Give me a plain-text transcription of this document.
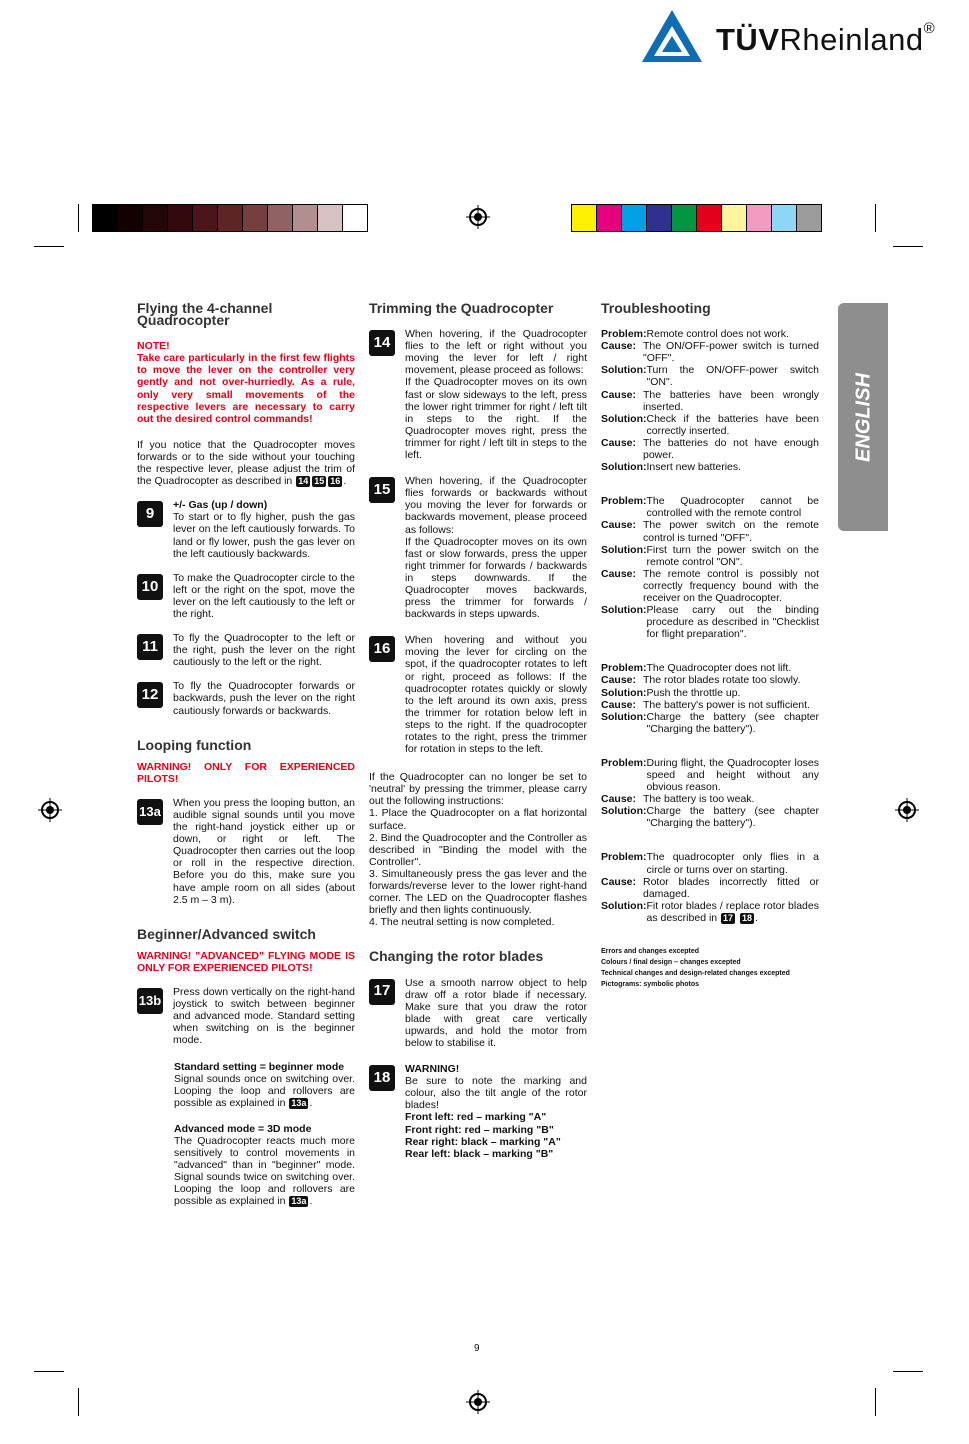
TÜVRheinland®
Flying the 4-channel Quadrocopter
NOTE!
Take care particularly in the first few flights to move the lever on the controller very gently and not over-hurriedly. As a rule, only very small movements of the respective levers are necessary to carry out the desired control commands!
If you notice that the Quadrocopter moves forwards or to the side without your touching the respective lever, please adjust the trim of the Quadrocopter as described in 14 15 16 .
9	+/- Gas (up / down)
To start or to fly higher, push the gas lever on the left cautiously forwards. To land or fly lower, push the gas lever on the left cautiously backwards.
10	To make the Quadrocopter circle to the left or the right on the spot, move the lever on the left cautiously to the left or the right.
11	To fly the Quadrocopter to the left or the right, push the lever on the right cautiously to the left or the right.
12	To fly the Quadrocopter forwards or backwards, push the lever on the right cautiously forwards or backwards.
Looping function
WARNING! ONLY FOR EXPERIENCED PILOTS!
13a
When you press the looping button, an audible signal sounds until you move the right-hand joystick either up or down, or right or left. The Quadrocopter then carries out the loop or roll in the respective direction. Before you do this, make sure you have ample room on all sides (about 2.5 m – 3 m).
Beginner/Advanced switch
WARNING! "ADVANCED" FLYING MODE IS ONLY FOR EXPERIENCED PILOTS!
13b
Press down vertically on the right-hand joystick to switch between beginner and advanced mode. Standard setting when switching on is the beginner mode.
Standard setting = beginner mode
Signal sounds once on switching over. Looping the loop and rollovers are possible as explained in 13a .
Advanced mode = 3D mode
The Quadrocopter reacts much more sensitively to control movements in "advanced" than in "beginner" mode. Signal sounds twice on switching over. Looping the loop and rollovers are possible as explained in 13a .
Trimming the Quadrocopter
14	When hovering, if the Quadrocopter flies to the left or right without you moving the lever for left / right movement, please proceed as follows:
If the Quadrocopter moves on its own fast or slow sideways to the left, press the lower right trimmer for right / left tilt in steps to the right. If the Quadrocopter moves right, press the trimmer for right / left tilt in steps to the left.
15	When hovering, if the Quadrocopter flies forwards or backwards without you moving the lever for forwards or backwards movement, please proceed as follows:
If the Quadrocopter moves on its own fast or slow forwards, press the upper right trimmer for forwards / backwards in steps downwards. If the Quadrocopter moves backwards, press the trimmer for forwards / backwards in steps upwards.
16	When hovering and without you moving the lever for circling on the spot, if the quadrocopter rotates to left or right, proceed as follows: If the quadrocopter rotates quickly or slowly to the left around its own axis, press the trimmer for rotation below left in steps to the right. If the quadrocopter rotates to the right, press the trimmer for rotation in steps to the left.
If the Quadrocopter can no longer be set to 'neutral' by pressing the trimmer, please carry out the following instructions:
1. Place the Quadrocopter on a flat horizontal surface.
2. Bind the Quadrocopter and the Controller as described in "Binding the model with the Controller".
3. Simultaneously press the gas lever and the forwards/reverse lever to the lower right-hand corner. The LED on the Quadrocopter flashes briefly and then lights continuously.
4. The neutral setting is now completed.
Changing the rotor blades
17	Use a smooth narrow object to help draw off a rotor blade if necessary. Make sure that you draw the rotor blade with great care vertically upwards, and hold the motor from below to stabilise it.
18	WARNING!
Be sure to note the marking and colour, also the tilt angle of the rotor blades!
Front left: red – marking "A"
Front right: red – marking "B"
Rear right: black – marking "A"
Rear left: black – marking "B"
Troubleshooting
Problem: Remote control does not work.
Cause: The ON/OFF-power switch is turned "OFF".
Solution: Turn the ON/OFF-power switch "ON".
Cause: The batteries have been wrongly inserted.
Solution: Check if the batteries have been correctly inserted.
Cause: The batteries do not have enough power.
Solution: Insert new batteries.
Problem: The Quadrocopter cannot be controlled with the remote control
Cause: The power switch on the remote control is turned "OFF".
Solution: First turn the power switch on the remote control "ON".
Cause: The remote control is possibly not correctly frequency bound with the receiver on the Quadrocopter.
Solution: Please carry out the binding procedure as described in "Checklist for flight preparation".
Problem: The Quadrocopter does not lift.
Cause: The rotor blades rotate too slowly.
Solution: Push the throttle up.
Cause: The battery's power is not sufficient.
Solution: Charge the battery (see chapter "Charging the battery").
Problem: During flight, the Quadrocopter loses speed and height without any obvious reason.
Cause: The battery is too weak.
Solution: Charge the battery (see chapter "Charging the battery").
Problem: The quadrocopter only flies in a circle or turns over on starting.
Cause: Rotor blades incorrectly fitted or damaged.
Solution: Fit rotor blades / replace rotor blades as described in 17 18 .
Errors and changes excepted
Colours / final design – changes excepted
Technical changes and design-related changes excepted
Pictograms: symbolic photos
ENGLISH
9
